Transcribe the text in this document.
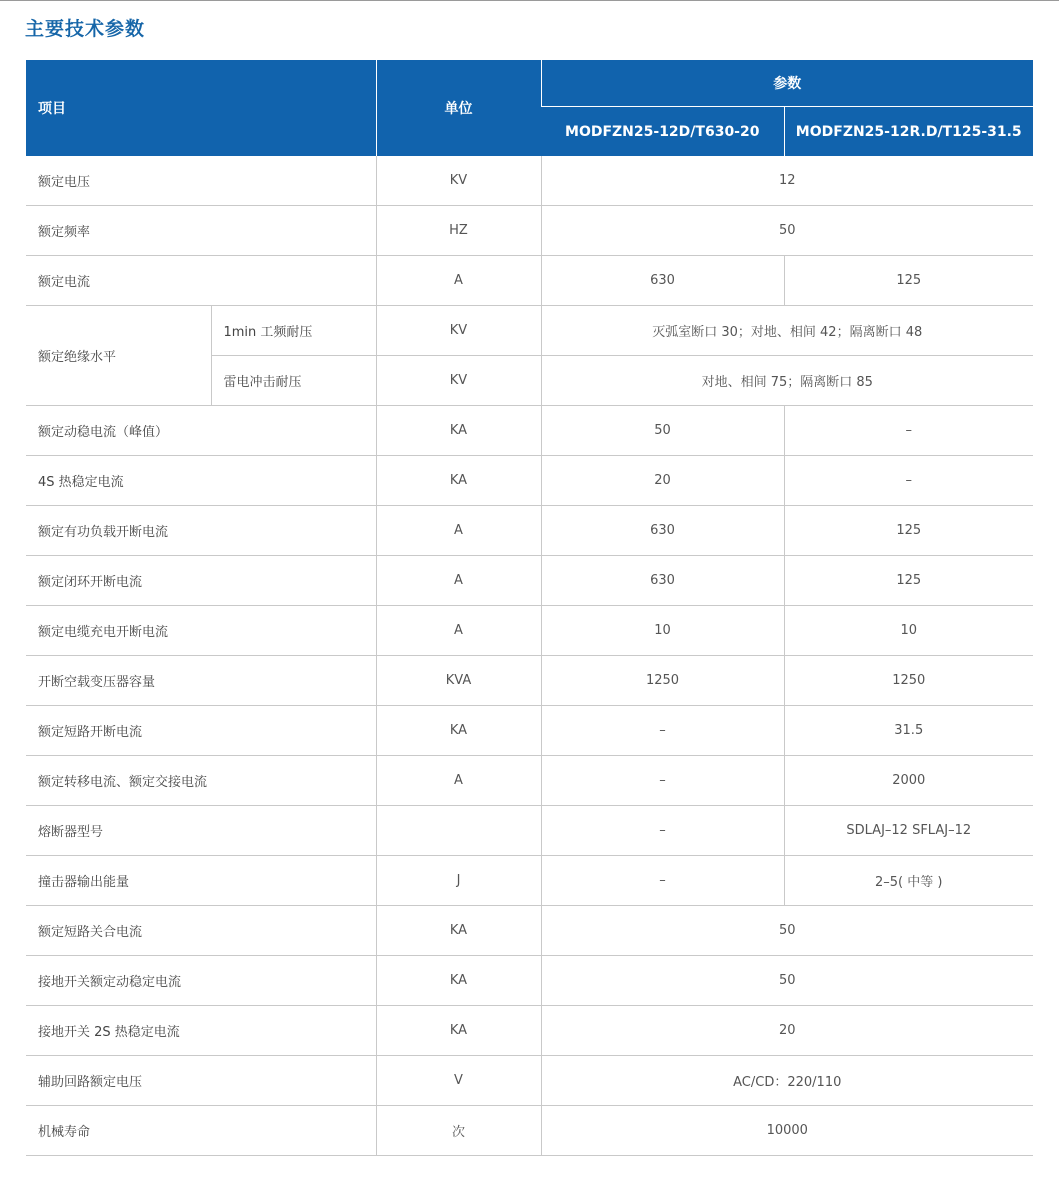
主要技术参数
项目		单位	参数	
			MODFZN25-12D/T630-20	MODFZN25-12R.D/T125-31.5
额定电压		KV	12	
额定频率		HZ	50	
额定电流		A	630	125
额定绝缘水平	1min 工频耐压	KV	灭弧室断口 30；对地、相间 42；隔离断口 48	
	雷电冲击耐压	KV	对地、相间 75；隔离断口 85	
额定动稳电流（峰值）		KA	50	–
4S 热稳定电流		KA	20	–
额定有功负载开断电流		A	630	125
额定闭环开断电流		A	630	125
额定电缆充电开断电流		A	10	10
开断空载变压器容量		KVA	1250	1250
额定短路开断电流		KA	–	31.5
额定转移电流、额定交接电流		A	–	2000
熔断器型号			–	SDLAJ–12 SFLAJ–12
撞击器输出能量		J	–	2–5( 中等 )
额定短路关合电流		KA	50	
接地开关额定动稳定电流		KA	50	
接地开关 2S 热稳定电流		KA	20	
辅助回路额定电压		V	AC/CD：220/110	
机械寿命		次	10000	
